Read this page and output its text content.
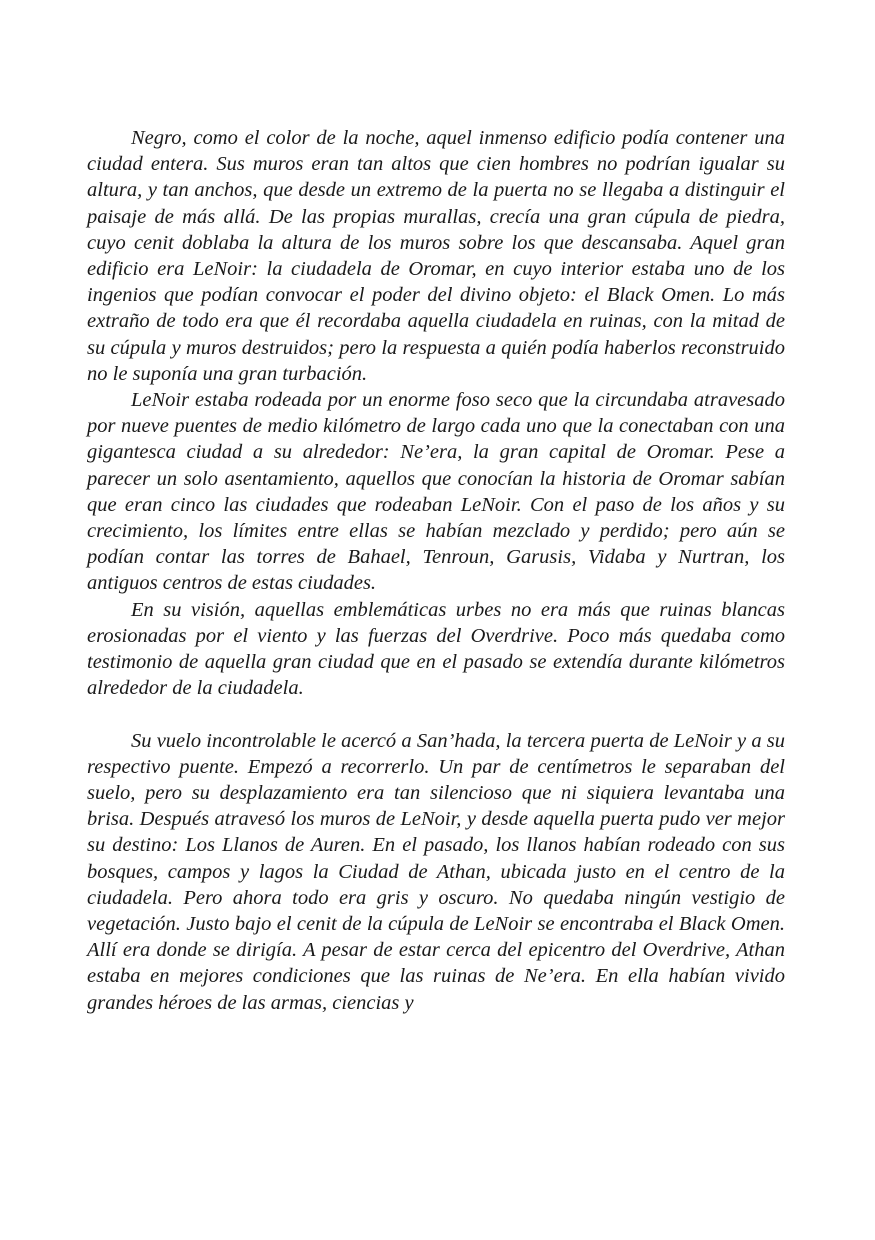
Negro, como el color de la noche, aquel inmenso edificio podía contener una ciudad entera. Sus muros eran tan altos que cien hombres no podrían igualar su altura, y tan anchos, que desde un extremo de la puerta no se llegaba a distinguir el paisaje de más allá. De las propias murallas, crecía una gran cúpula de piedra, cuyo cenit doblaba la altura de los muros sobre los que descansaba. Aquel gran edificio era LeNoir: la ciudadela de Oromar, en cuyo interior estaba uno de los ingenios que podían convocar el poder del divino objeto: el Black Omen. Lo más extraño de todo era que él recordaba aquella ciudadela en ruinas, con la mitad de su cúpula y muros destruidos; pero la respuesta a quién podía haberlos reconstruido no le suponía una gran turbación.

LeNoir estaba rodeada por un enorme foso seco que la circundaba atravesado por nueve puentes de medio kilómetro de largo cada uno que la conectaban con una gigantesca ciudad a su alrededor: Ne’era, la gran capital de Oromar. Pese a parecer un solo asentamiento, aquellos que conocían la historia de Oromar sabían que eran cinco las ciudades que rodeaban LeNoir. Con el paso de los años y su crecimiento, los límites entre ellas se habían mezclado y perdido; pero aún se podían contar las torres de Bahael, Tenroun, Garusis, Vidaba y Nurtran, los antiguos centros de estas ciudades.

En su visión, aquellas emblemáticas urbes no era más que ruinas blancas erosionadas por el viento y las fuerzas del Overdrive. Poco más quedaba como testimonio de aquella gran ciudad que en el pasado se extendía durante kilómetros alrededor de la ciudadela.

Su vuelo incontrolable le acercó a San’hada, la tercera puerta de LeNoir y a su respectivo puente. Empezó a recorrerlo. Un par de centímetros le separaban del suelo, pero su desplazamiento era tan silencioso que ni siquiera levantaba una brisa. Después atravesó los muros de LeNoir, y desde aquella puerta pudo ver mejor su destino: Los Llanos de Auren. En el pasado, los llanos habían rodeado con sus bosques, campos y lagos la Ciudad de Athan, ubicada justo en el centro de la ciudadela. Pero ahora todo era gris y oscuro. No quedaba ningún vestigio de vegetación. Justo bajo el cenit de la cúpula de LeNoir se encontraba el Black Omen. Allí era donde se dirigía. A pesar de estar cerca del epicentro del Overdrive, Athan estaba en mejores condiciones que las ruinas de Ne’era. En ella habían vivido grandes héroes de las armas, ciencias y
